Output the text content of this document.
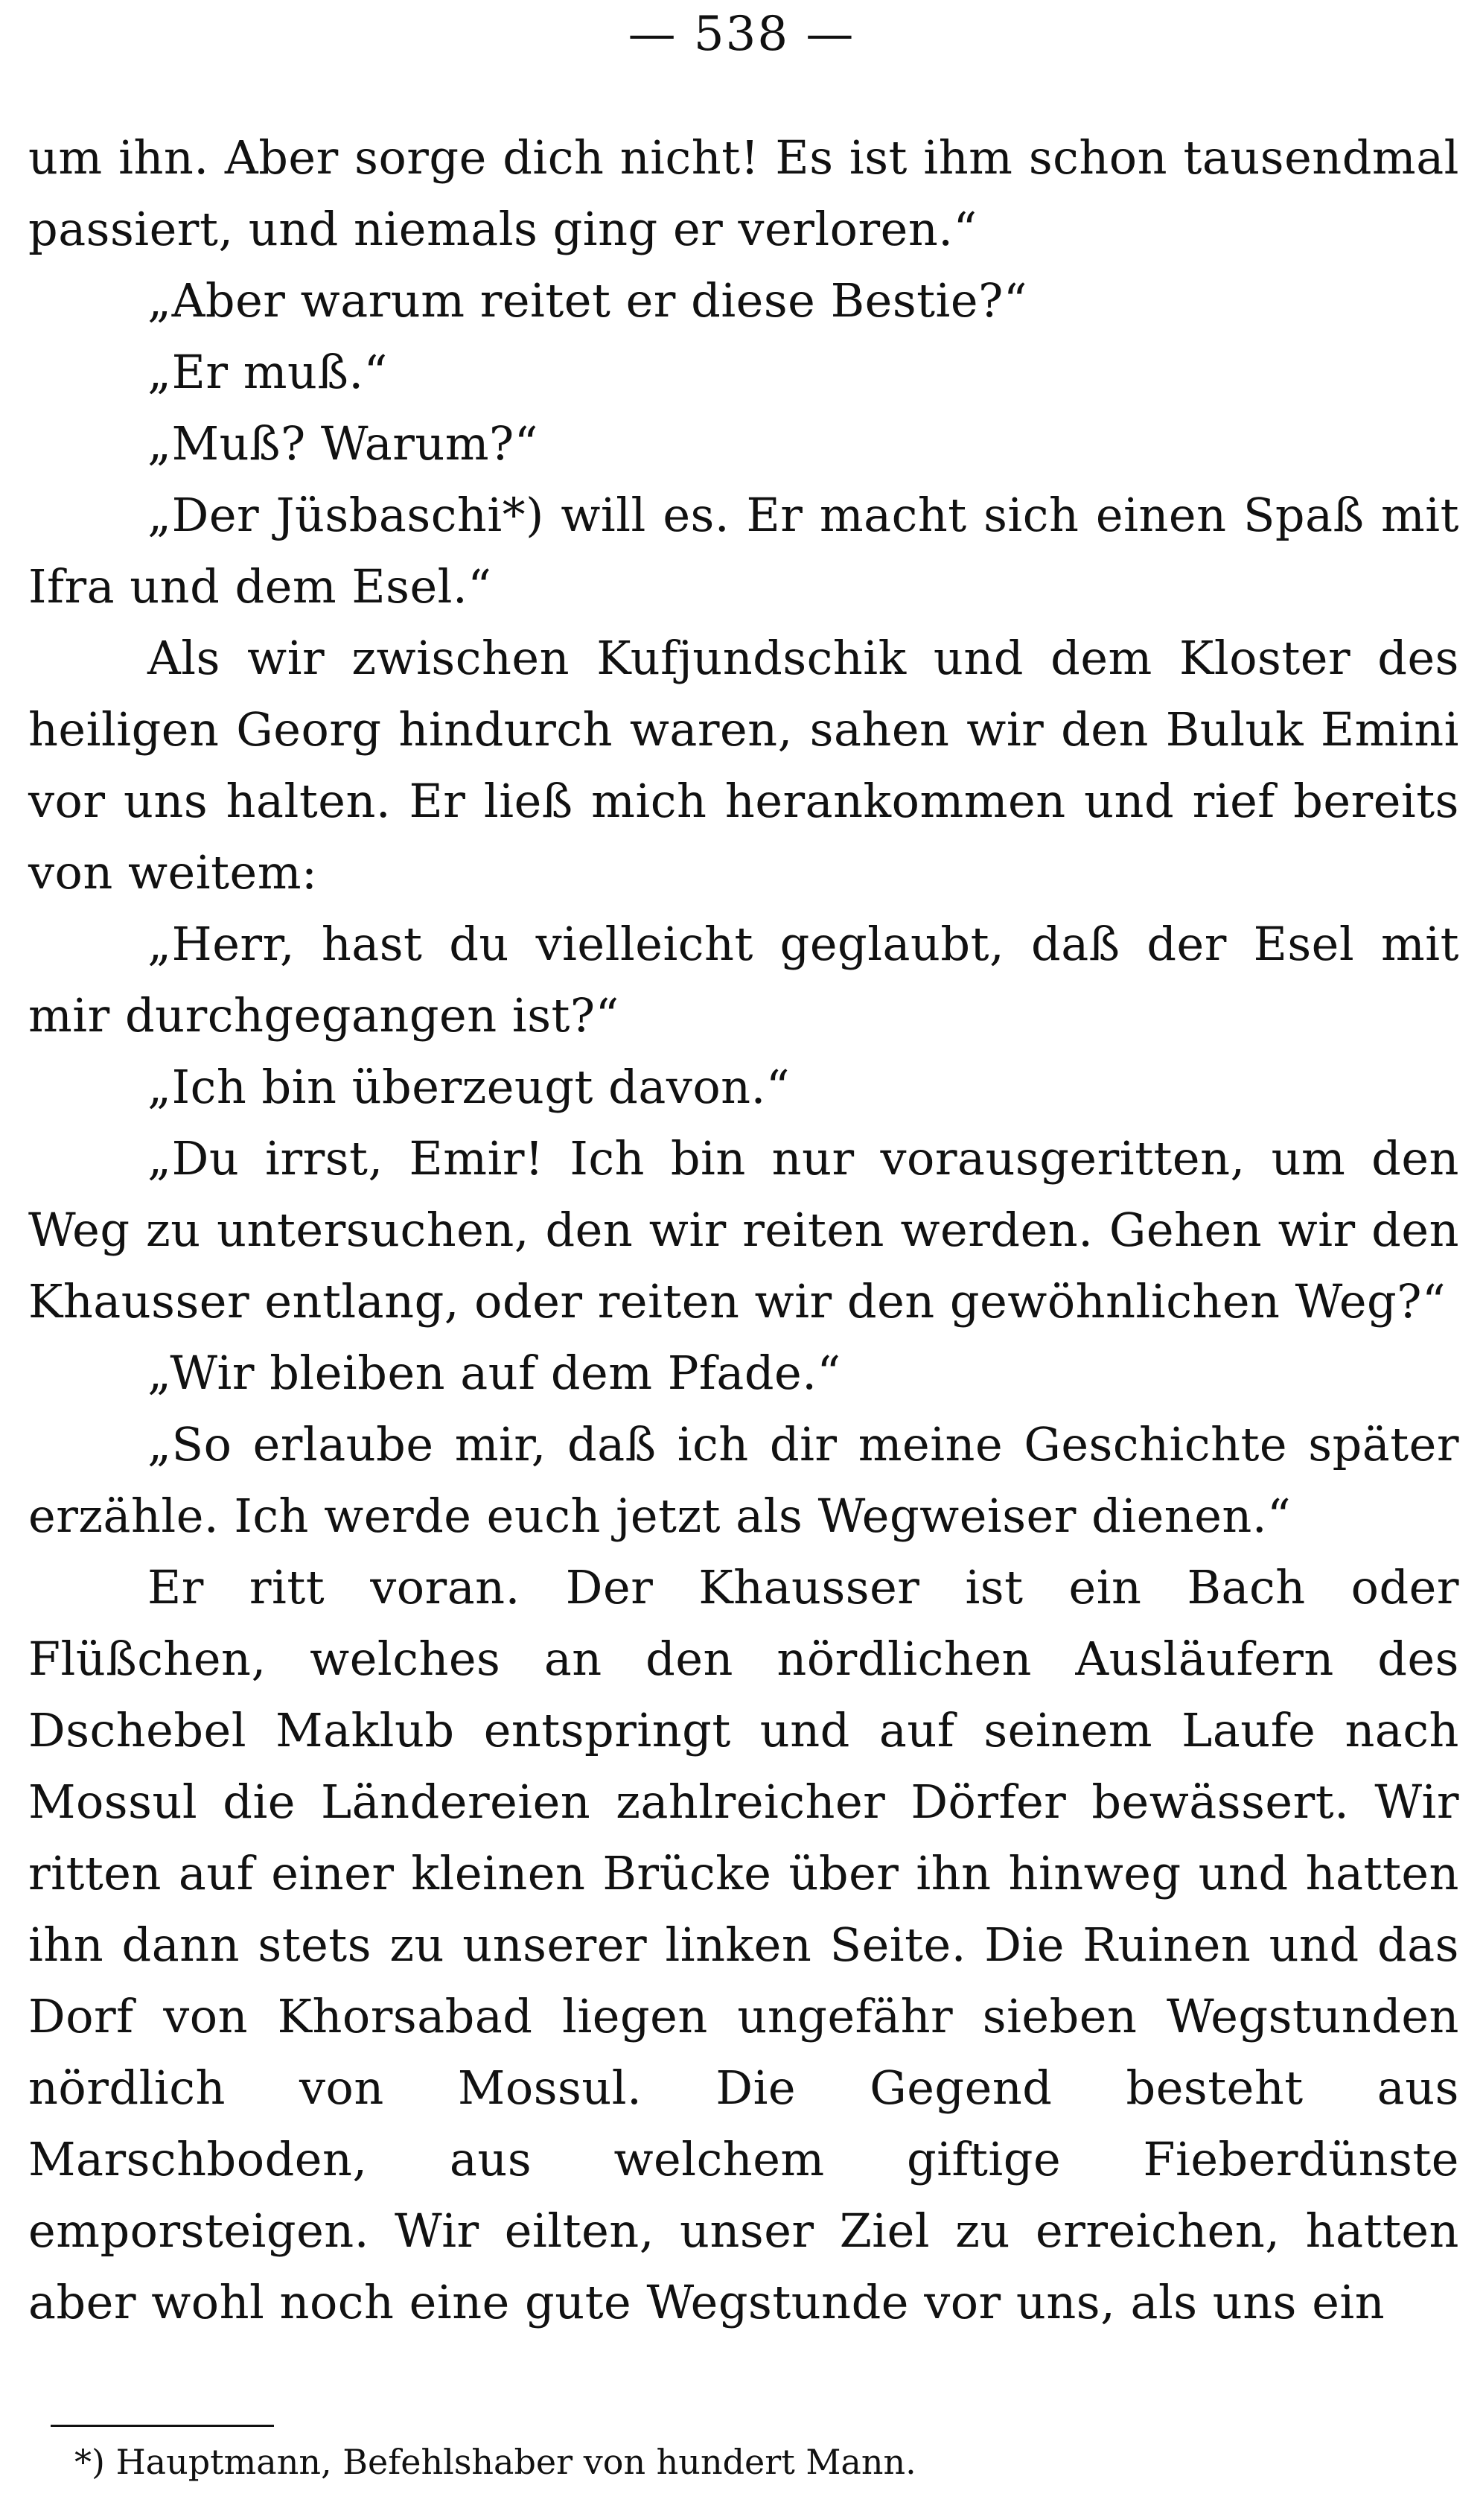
— 538 —

um ihn. Aber sorge dich nicht! Es ist ihm schon tausendmal passiert, und niemals ging er verloren.“

„Aber warum reitet er diese Bestie?“

„Er muß.“

„Muß? Warum?“

„Der Jüsbaschi*) will es. Er macht sich einen Spaß mit Ifra und dem Esel.“

Als wir zwischen Kufjundschik und dem Kloster des heiligen Georg hindurch waren, sahen wir den Buluk Emini vor uns halten. Er ließ mich herankommen und rief bereits von weitem:

„Herr, hast du vielleicht geglaubt, daß der Esel mit mir durchgegangen ist?“

„Ich bin überzeugt davon.“

„Du irrst, Emir! Ich bin nur vorausgeritten, um den Weg zu untersuchen, den wir reiten werden. Gehen wir den Khausser entlang, oder reiten wir den gewöhnlichen Weg?“

„Wir bleiben auf dem Pfade.“

„So erlaube mir, daß ich dir meine Geschichte später erzähle. Ich werde euch jetzt als Wegweiser dienen.“

Er ritt voran. Der Khausser ist ein Bach oder Flüßchen, welches an den nördlichen Ausläufern des Dschebel Maklub entspringt und auf seinem Laufe nach Mossul die Ländereien zahlreicher Dörfer bewässert. Wir ritten auf einer kleinen Brücke über ihn hinweg und hatten ihn dann stets zu unserer linken Seite. Die Ruinen und das Dorf von Khorsabad liegen ungefähr sieben Wegstunden nördlich von Mossul. Die Gegend besteht aus Marschboden, aus welchem giftige Fieberdünste emporsteigen. Wir eilten, unser Ziel zu erreichen, hatten aber wohl noch eine gute Wegstunde vor uns, als uns ein

*) Hauptmann, Befehlshaber von hundert Mann.
